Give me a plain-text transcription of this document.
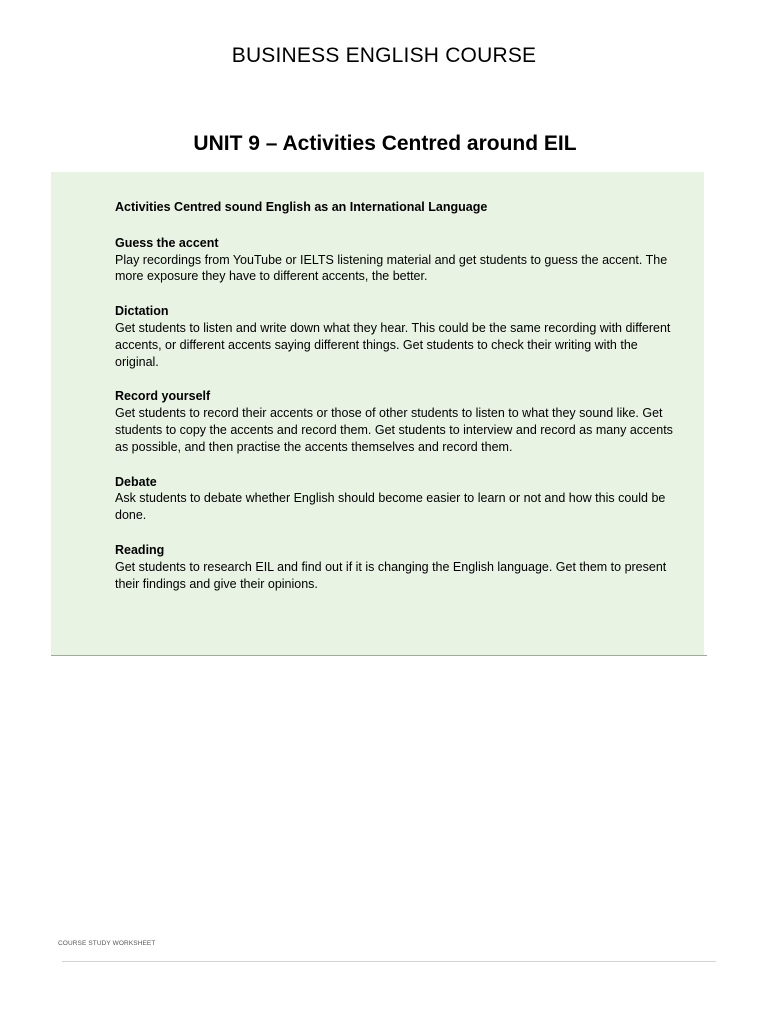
BUSINESS ENGLISH COURSE
UNIT 9 – Activities Centred around EIL

Activities Centred sound English as an International Language

Guess the accent

Play recordings from YouTube or IELTS listening material and get students to guess the accent. The more exposure they have to different accents, the better.

Dictation

Get students to listen and write down what they hear. This could be the same recording with different accents, or different accents saying different things. Get students to check their writing with the original.

Record yourself

Get students to record their accents or those of other students to listen to what they sound like. Get students to copy the accents and record them. Get students to interview and record as many accents as possible, and then practise the accents themselves and record them.

Debate

Ask students to debate whether English should become easier to learn or not and how this could be done.

Reading

Get students to research EIL and find out if it is changing the English language. Get them to present their findings and give their opinions.

COURSE STUDY WORKSHEET
